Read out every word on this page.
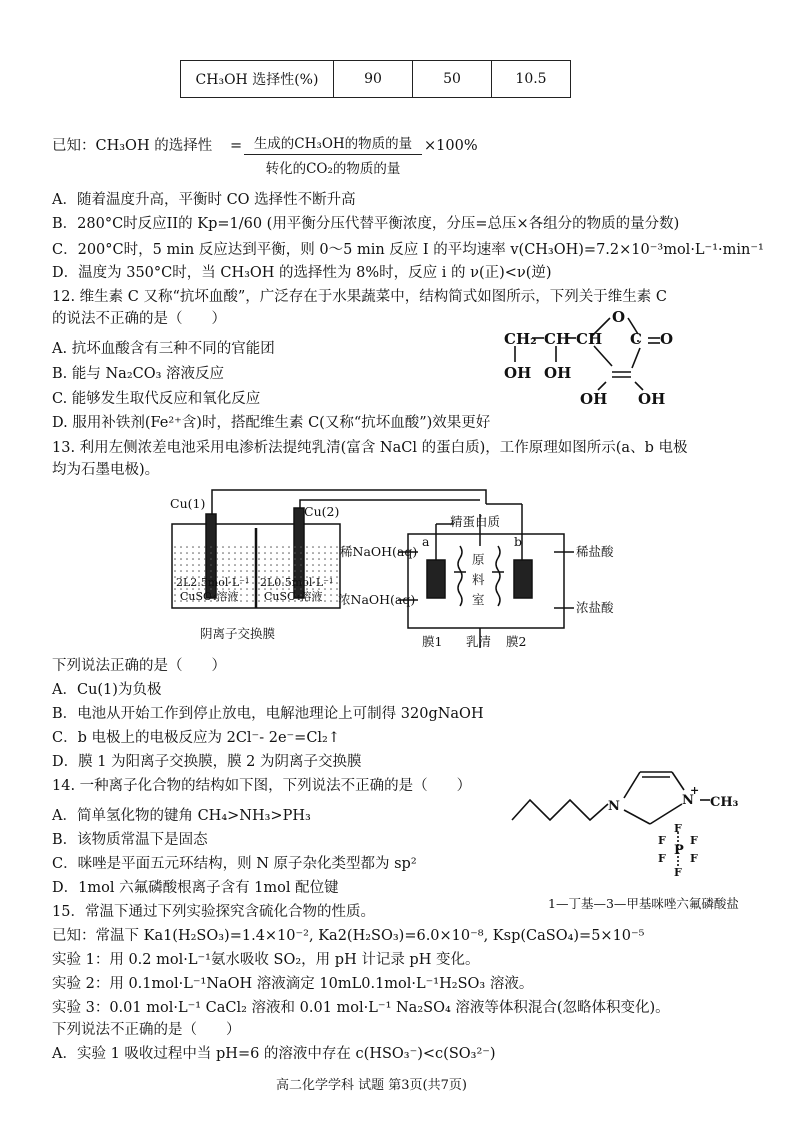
CH₃OH 选择性(%)	90	50	10.5
已知：CH₃OH 的选择性 = 生成的CH₃OH的物质的量
转化的CO₂的物质的量
×100%
A．随着温度升高，平衡时 CO 选择性不断升高
B．280°C时反应II的 Kp=1/60 (用平衡分压代替平衡浓度，分压=总压×各组分的物质的量分数)
C．200°C时，5 min 反应达到平衡，则 0～5 min 反应 I 的平均速率 v(CH₃OH)=7.2×10⁻³mol·L⁻¹·min⁻¹
D．温度为 350°C时，当 CH₃OH 的选择性为 8%时，反应 i 的 ν(正)<ν(逆)
12. 维生素 C 又称“抗坏血酸”，广泛存在于水果蔬菜中，结构简式如图所示，下列关于维生素 C
的说法不正确的是（　　）
A. 抗坏血酸含有三种不同的官能团
B. 能与 Na₂CO₃ 溶液反应
C. 能够发生取代反应和氧化反应
D. 服用补铁剂(Fe²⁺含)时，搭配维生素 C(又称“抗坏血酸”)效果更好
CH₂ CH CH
O
C O
OH OH
OH OH
13. 利用左侧浓差电池采用电渗析法提纯乳清(富含 NaCl 的蛋白质)，工作原理如图所示(a、b 电极
均为石墨电极)。
Cu(1)
Cu(2)
2L2.5mol·L⁻¹
CuSO₄溶液
2L0.5mol·L⁻¹
CuSO₄溶液
阴离子交换膜
精蛋白质
a	b
稀NaOH(aq)
浓NaOH(aq)
稀盐酸
浓盐酸
原
料
室
膜1 乳清 膜2
下列说法正确的是（　　）
A．Cu(1)为负极
B．电池从开始工作到停止放电，电解池理论上可制得 320gNaOH
C．b 电极上的电极反应为 2Cl⁻- 2e⁻=Cl₂↑
D．膜 1 为阳离子交换膜，膜 2 为阴离子交换膜
14. 一种离子化合物的结构如下图，下列说法不正确的是（　　）
A．简单氢化物的键角 CH₄>NH₃>PH₃
B．该物质常温下是固态
C．咪唑是平面五元环结构，则 N 原子杂化类型都为 sp²
D．1mol 六氟磷酸根离子含有 1mol 配位键
N	N
+
CH₃
P
F
F F
F F
F
1—丁基—3—甲基咪唑六氟磷酸盐
15．常温下通过下列实验探究含硫化合物的性质。
已知：常温下 Ka1(H₂SO₃)=1.4×10⁻², Ka2(H₂SO₃)=6.0×10⁻⁸, Ksp(CaSO₄)=5×10⁻⁵
实验 1：用 0.2 mol·L⁻¹氨水吸收 SO₂，用 pH 计记录 pH 变化。
实验 2：用 0.1mol·L⁻¹NaOH 溶液滴定 10mL0.1mol·L⁻¹H₂SO₃ 溶液。
实验 3：0.01 mol·L⁻¹ CaCl₂ 溶液和 0.01 mol·L⁻¹ Na₂SO₄ 溶液等体积混合(忽略体积变化)。
下列说法不正确的是（　　）
A．实验 1 吸收过程中当 pH=6 的溶液中存在 c(HSO₃⁻)<c(SO₃²⁻)
高二化学学科 试题 第3页(共7页)
